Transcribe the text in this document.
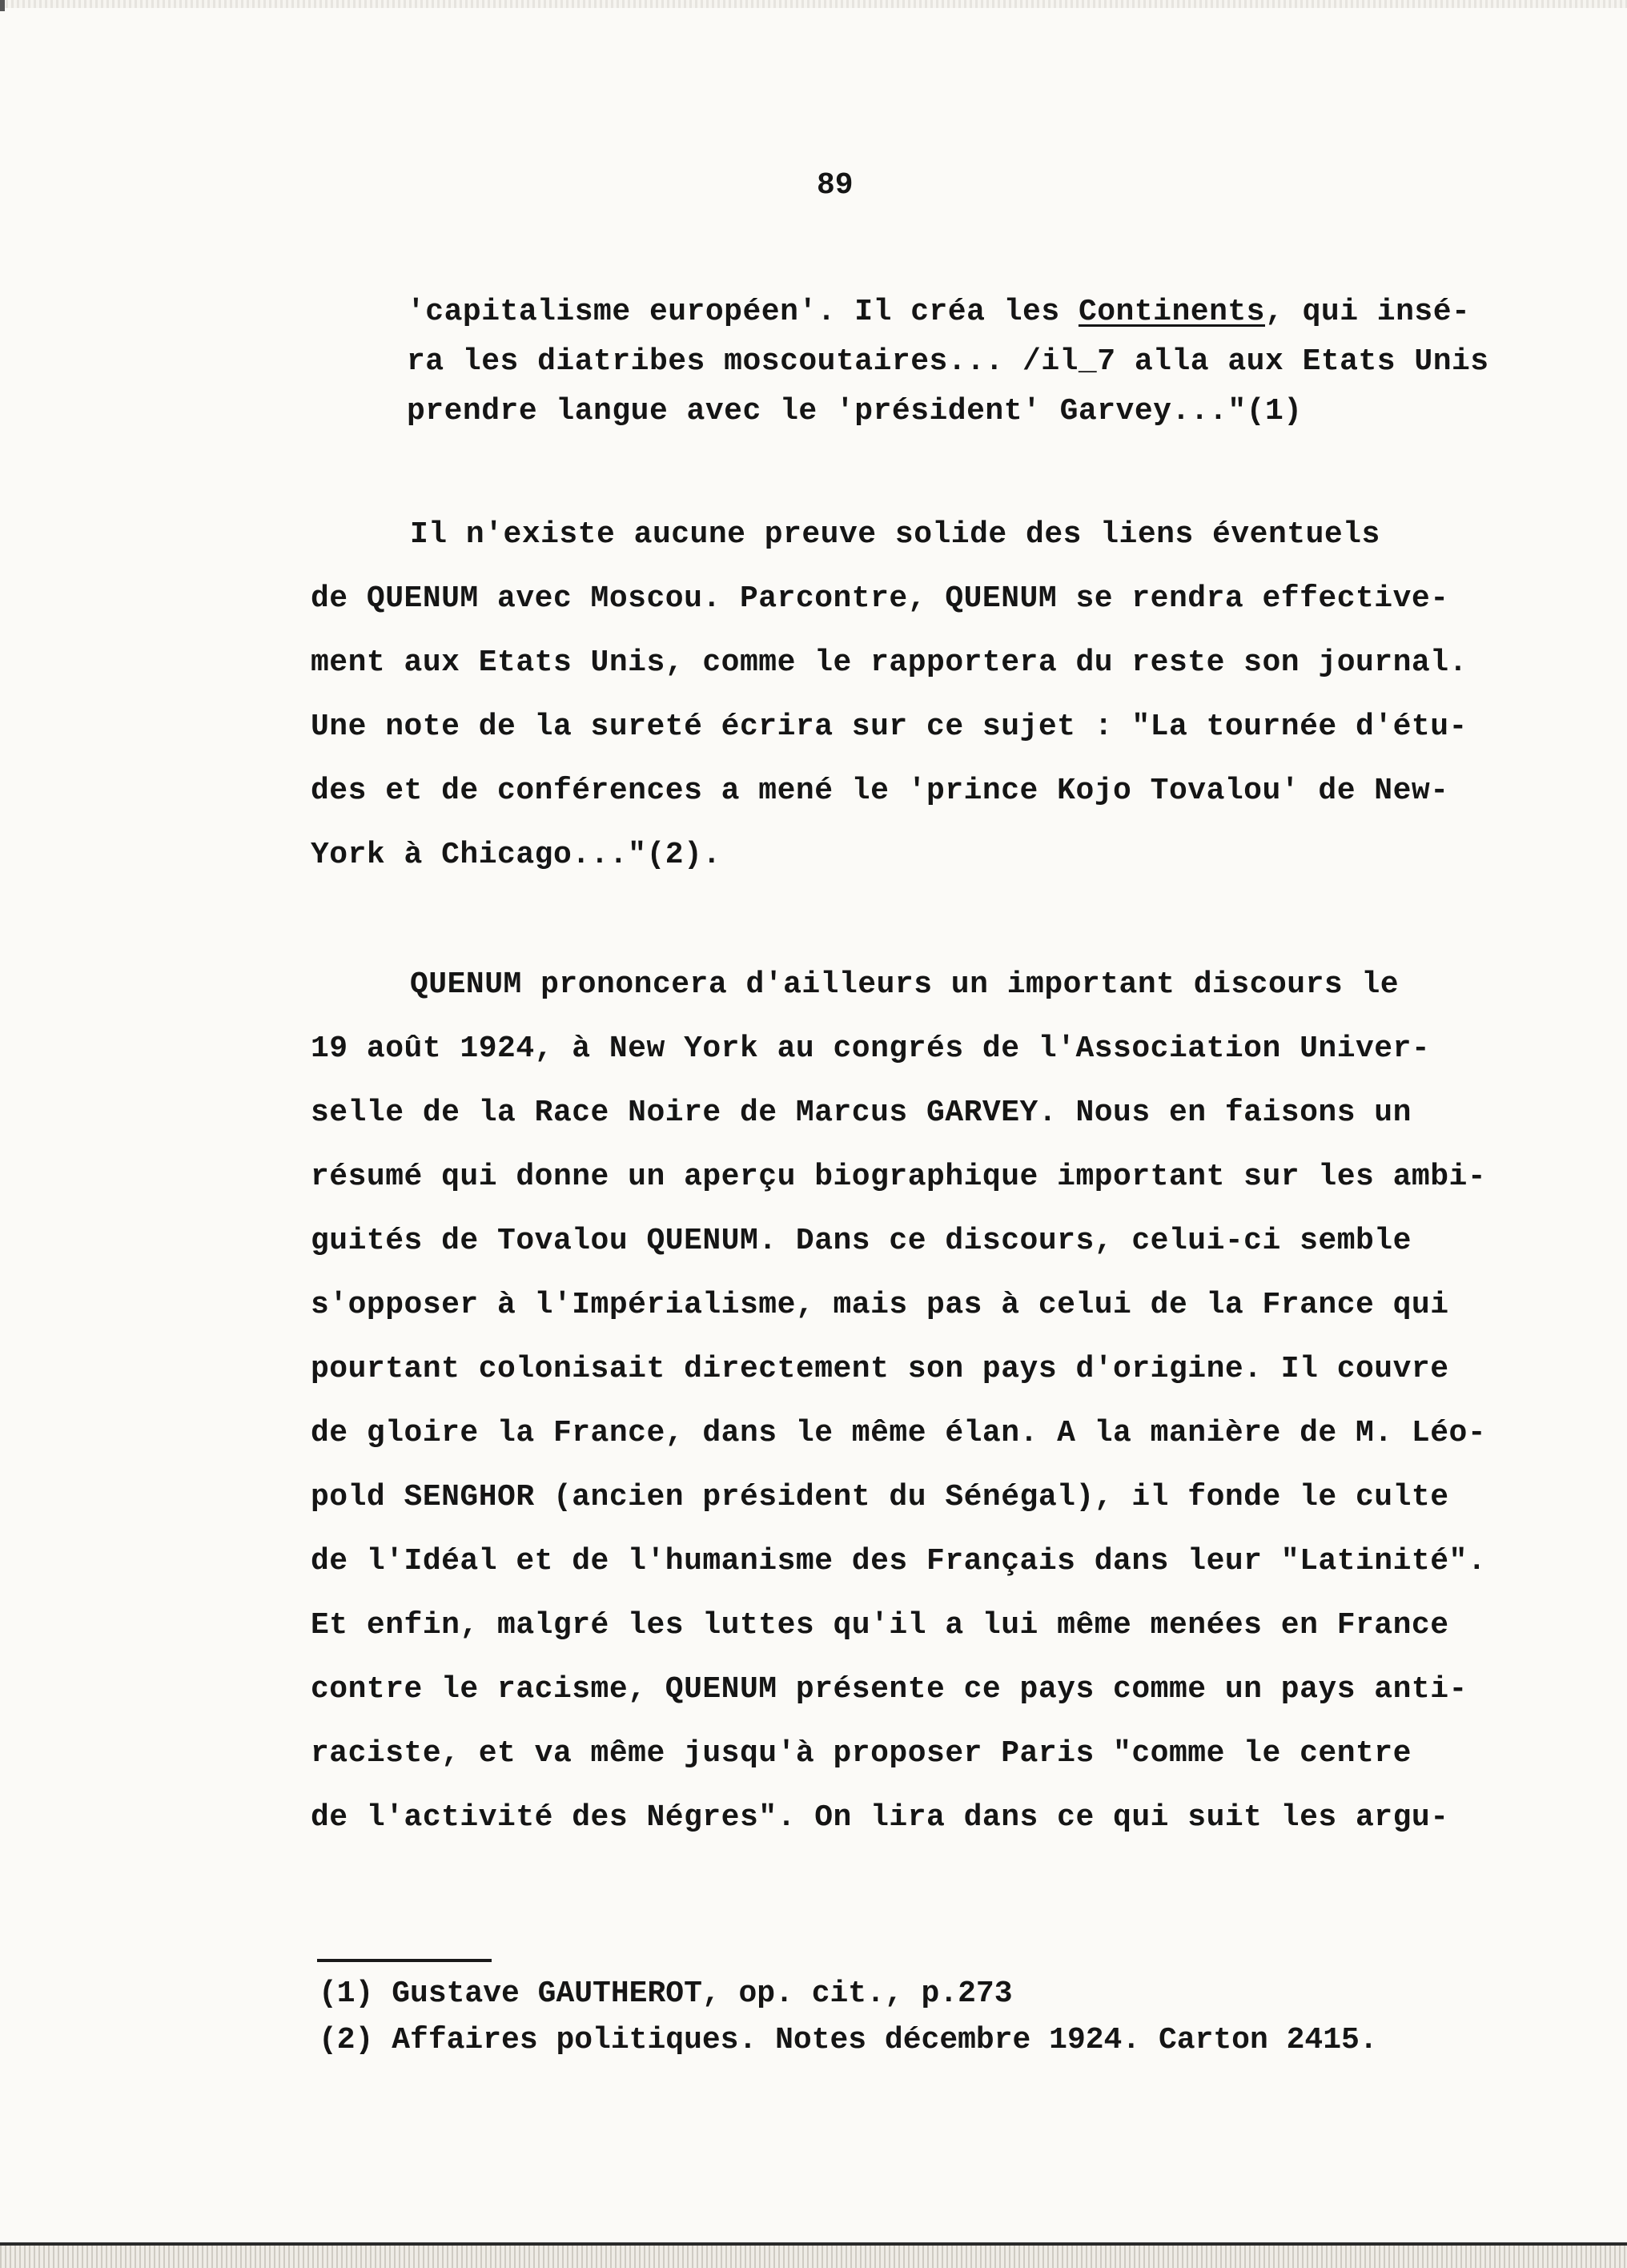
89
'capitalisme européen'. Il créa les Continents, qui insé-
ra les diatribes moscoutaires... /il_7 alla aux Etats Unis
prendre langue avec le 'président' Garvey..."(1)
Il n'existe aucune preuve solide des liens éventuels
de QUENUM avec Moscou. Parcontre, QUENUM se rendra effective-
ment aux Etats Unis, comme le rapportera du reste son journal.
Une note de la sureté écrira sur ce sujet : "La tournée d'étu-
des et de conférences a mené le 'prince Kojo Tovalou' de New-
York à Chicago..."(2).
QUENUM prononcera d'ailleurs un important discours le
19 août 1924, à New York au congrés de l'Association Univer-
selle de la Race Noire de Marcus GARVEY. Nous en faisons un
résumé qui donne un aperçu biographique important sur les ambi-
guités de Tovalou QUENUM. Dans ce discours, celui-ci semble
s'opposer à l'Impérialisme, mais pas à celui de la France qui
pourtant colonisait directement son pays d'origine. Il couvre
de gloire la France, dans le même élan. A la manière de M. Léo-
pold SENGHOR (ancien président du Sénégal), il fonde le culte
de l'Idéal et de l'humanisme des Français dans leur "Latinité".
Et enfin, malgré les luttes qu'il a lui même menées en France
contre le racisme, QUENUM présente ce pays comme un pays anti-
raciste, et va même jusqu'à proposer Paris "comme le centre
de l'activité des Négres". On lira dans ce qui suit les argu-
(1) Gustave GAUTHEROT, op. cit., p.273
(2) Affaires politiques. Notes décembre 1924. Carton 2415.
